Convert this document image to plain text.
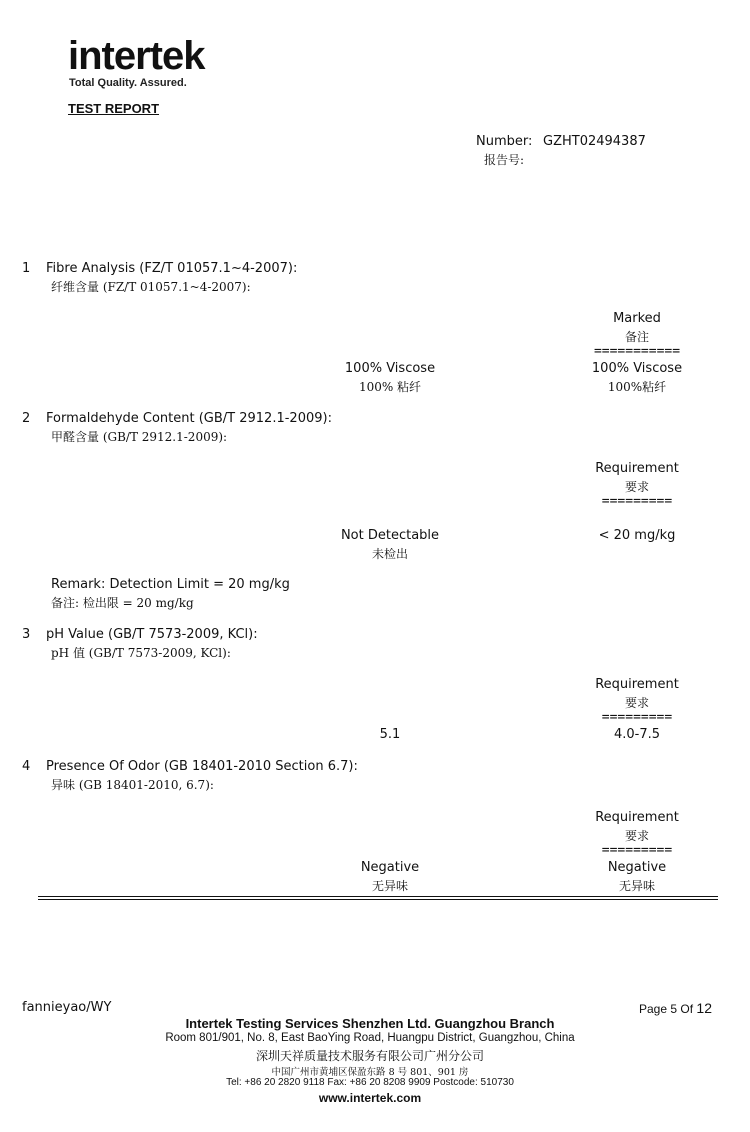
intertek
Total Quality. Assured.
TEST REPORT
Number: GZHT02494387
报告号:
1 Fibre Analysis (FZ/T 01057.1~4-2007):
纤维含量 (FZ/T 01057.1~4-2007):
Marked
备注
===========
100% Viscose
100% 粘纤
100% Viscose
100%粘纤
2 Formaldehyde Content (GB/T 2912.1-2009):
甲醛含量 (GB/T 2912.1-2009):
Requirement
要求
=========
Not Detectable
未检出
< 20 mg/kg
Remark: Detection Limit = 20 mg/kg
备注: 检出限 = 20 mg/kg
3 pH Value (GB/T 7573-2009, KCl):
pH 值 (GB/T 7573-2009, KCl):
Requirement
要求
=========
5.1	4.0-7.5
4 Presence Of Odor (GB 18401-2010 Section 6.7):
异味 (GB 18401-2010, 6.7):
Requirement
要求
=========
Negative
无异味
Negative
无异味
fannieyao/WY	Page 5 Of 12
Intertek Testing Services Shenzhen Ltd. Guangzhou Branch
Room 801/901, No. 8, East BaoYing Road, Huangpu District, Guangzhou, China
深圳天祥质量技术服务有限公司广州分公司
中国广州市黄埔区保盈东路 8 号 801、901 房
Tel: +86 20 2820 9118 Fax: +86 20 8208 9909 Postcode: 510730
www.intertek.com
